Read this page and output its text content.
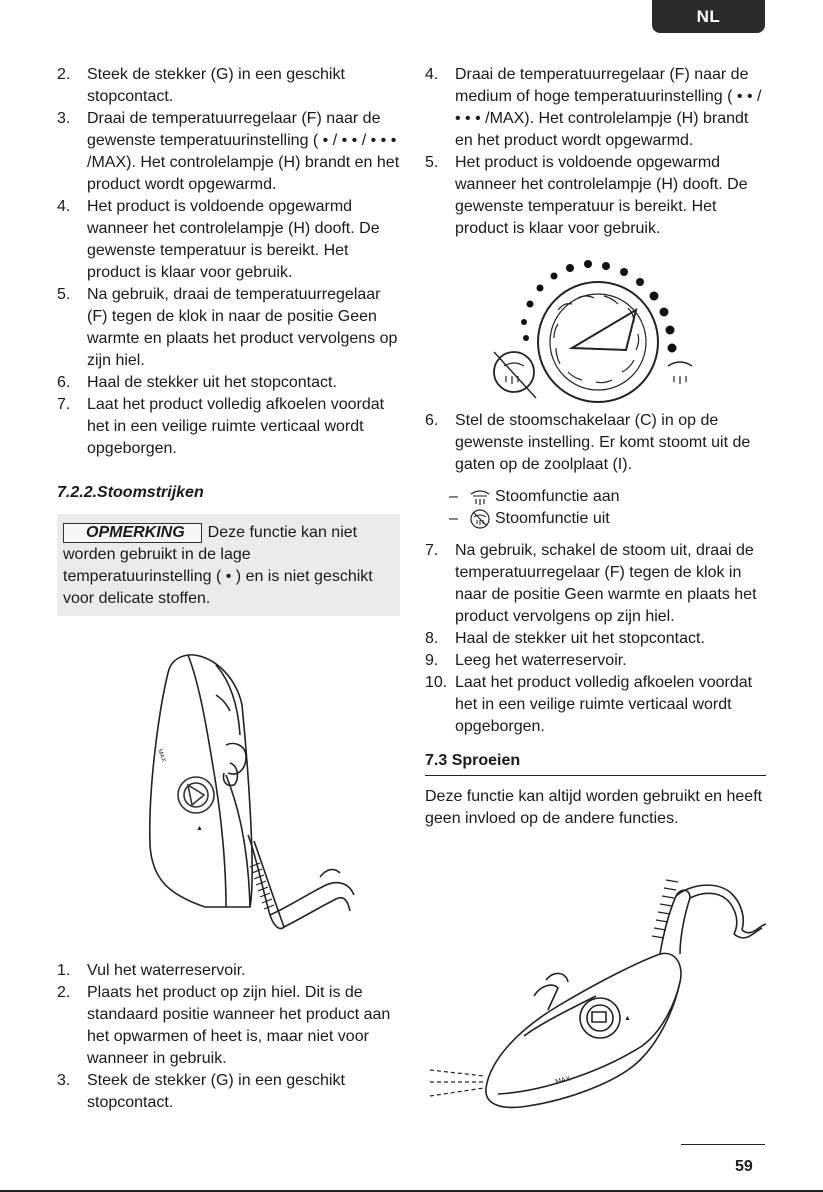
NL
2. Steek de stekker (G) in een geschikt stopcontact.
3. Draai de temperatuurregelaar (F) naar de gewenste temperatuurinstelling ( • / • • / • • • /MAX). Het controlelampje (H) brandt en het product wordt opgewarmd.
4. Het product is voldoende opgewarmd wanneer het controlelampje (H) dooft. De gewenste temperatuur is bereikt. Het product is klaar voor gebruik.
5. Na gebruik, draai de temperatuurregelaar (F) tegen de klok in naar de positie Geen warmte en plaats het product vervolgens op zijn hiel.
6. Haal de stekker uit het stopcontact.
7. Laat het product volledig afkoelen voordat het in een veilige ruimte verticaal wordt opgeborgen.

7.2.2.Stoomstrijken

OPMERKING Deze functie kan niet worden gebruikt in de lage temperatuurinstelling ( • ) en is niet geschikt voor delicate stoffen.
MAX
▲
1. Vul het waterreservoir.
2. Plaats het product op zijn hiel. Dit is de standaard positie wanneer het product aan het opwarmen of heet is, maar niet voor wanneer in gebruik.
3. Steek de stekker (G) in een geschikt stopcontact.
4. Draai de temperatuurregelaar (F) naar de medium of hoge temperatuurinstelling ( • • / • • • /MAX). Het controlelampje (H) brandt en het product wordt opgewarmd.
5. Het product is voldoende opgewarmd wanneer het controlelampje (H) dooft. De gewenste temperatuur is bereikt. Het product is klaar voor gebruik.
6. Stel de stoomschakelaar (C) in op de gewenste instelling. Er komt stoomt uit de gaten op de zoolplaat (I).
–	Stoomfunctie aan
–	Stoomfunctie uit
7. Na gebruik, schakel de stoom uit, draai de temperatuurregelaar (F) tegen de klok in naar de positie Geen warmte en plaats het product vervolgens op zijn hiel.
8. Haal de stekker uit het stopcontact.
9. Leeg het waterreservoir.
10. Laat het product volledig afkoelen voordat het in een veilige ruimte verticaal wordt opgeborgen.
7.3 Sproeien
Deze functie kan altijd worden gebruikt en heeft geen invloed op de andere functies.
MAX
▲
59
